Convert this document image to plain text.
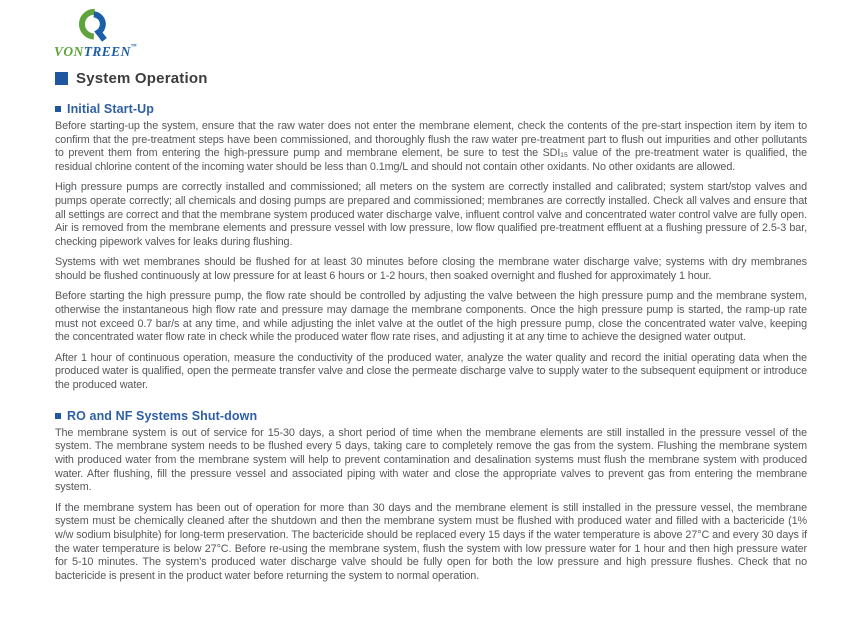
VONTREEN™
System Operation
Initial Start-Up

Before starting-up the system, ensure that the raw water does not enter the membrane element, check the contents of the pre-start inspection item by item to confirm that the pre-treatment steps have been commissioned, and thoroughly flush the raw water pre-treatment part to flush out impurities and other pollutants to prevent them from entering the high-pressure pump and membrane element, be sure to test the SDI₁₅ value of the pre-treatment water is qualified, the residual chlorine content of the incoming water should be less than 0.1mg/L and should not contain other oxidants. No other oxidants are allowed.

High pressure pumps are correctly installed and commissioned; all meters on the system are correctly installed and calibrated; system start/stop valves and pumps operate correctly; all chemicals and dosing pumps are prepared and commissioned; membranes are correctly installed. Check all valves and ensure that all settings are correct and that the membrane system produced water discharge valve, influent control valve and concentrated water control valve are fully open. Air is removed from the membrane elements and pressure vessel with low pressure, low flow qualified pre-treatment effluent at a flushing pressure of 2.5-3 bar, checking pipework valves for leaks during flushing.

Systems with wet membranes should be flushed for at least 30 minutes before closing the membrane water discharge valve; systems with dry membranes should be flushed continuously at low pressure for at least 6 hours or 1-2 hours, then soaked overnight and flushed for approximately 1 hour.

Before starting the high pressure pump, the flow rate should be controlled by adjusting the valve between the high pressure pump and the membrane system, otherwise the instantaneous high flow rate and pressure may damage the membrane components. Once the high pressure pump is started, the ramp-up rate must not exceed 0.7 bar/s at any time, and while adjusting the inlet valve at the outlet of the high pressure pump, close the concentrated water valve, keeping the concentrated water flow rate in check while the produced water flow rate rises, and adjusting it at any time to achieve the designed water output.

After 1 hour of continuous operation, measure the conductivity of the produced water, analyze the water quality and record the initial operating data when the produced water is qualified, open the permeate transfer valve and close the permeate discharge valve to supply water to the subsequent equipment or introduce the produced water.

RO and NF Systems Shut-down

The membrane system is out of service for 15-30 days, a short period of time when the membrane elements are still installed in the pressure vessel of the system. The membrane system needs to be flushed every 5 days, taking care to completely remove the gas from the system. Flushing the membrane system with produced water from the membrane system will help to prevent contamination and desalination systems must flush the membrane system with produced water. After flushing, fill the pressure vessel and associated piping with water and close the appropriate valves to prevent gas from entering the membrane system.

If the membrane system has been out of operation for more than 30 days and the membrane element is still installed in the pressure vessel, the membrane system must be chemically cleaned after the shutdown and then the membrane system must be flushed with produced water and filled with a bactericide (1% w/w sodium bisulphite) for long-term preservation. The bactericide should be replaced every 15 days if the water temperature is above 27°C and every 30 days if the water temperature is below 27°C. Before re-using the membrane system, flush the system with low pressure water for 1 hour and then high pressure water for 5-10 minutes. The system's produced water discharge valve should be fully open for both the low pressure and high pressure flushes. Check that no bactericide is present in the product water before returning the system to normal operation.
